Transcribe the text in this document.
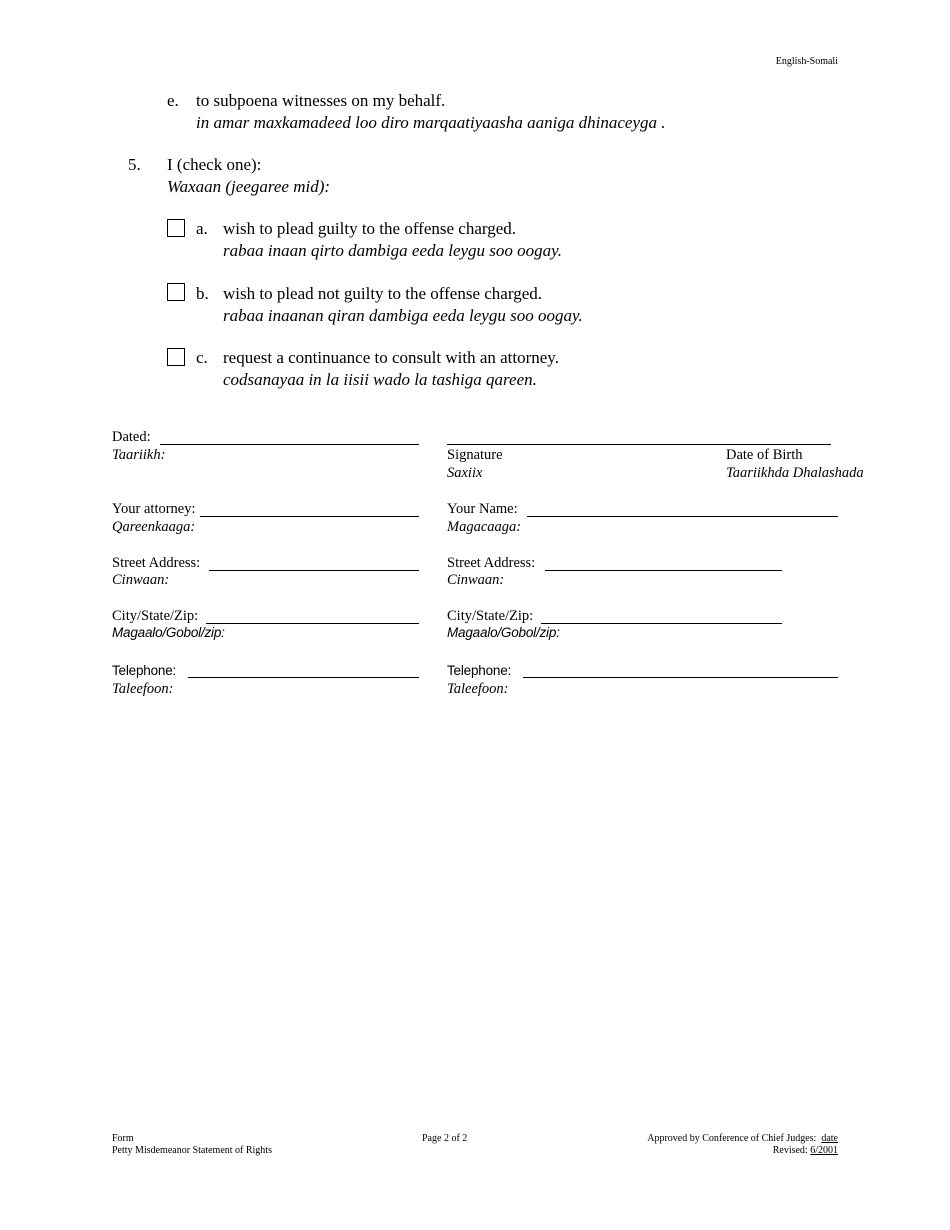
English-Somali
e. to subpoena witnesses on my behalf.
in amar maxkamadeed loo diro marqaatiyaasha aaniga dhinaceyga .
5. I (check one):
Waxaan (jeegaree mid):
a. wish to plead guilty to the offense charged.
rabaa inaan qirto dambiga eeda leygu soo oogay.
b. wish to plead not guilty to the offense charged.
rabaa inaanan qiran dambiga eeda leygu soo oogay.
c. request a continuance to consult with an attorney.
codsanayaa in la iisii wado la tashiga qareen.
Dated:
Taariikh:	Signature
Saxiix
Date of Birth
Taariikhda Dhalashada
Your attorney:
Qareenkaaga:
Street Address:
Cinwaan:
City/State/Zip:
Magaalo/Gobol/zip:
Telephone:
Taleefoon:
Your Name:
Magacaaga:
Street Address:
Cinwaan:
City/State/Zip:
Magaalo/Gobol/zip:
Telephone:
Taleefoon:
Form
Petty Misdemeanor Statement of Rights
Page 2 of 2	Approved by Conference of Chief Judges: date
Revised: 6/2001
